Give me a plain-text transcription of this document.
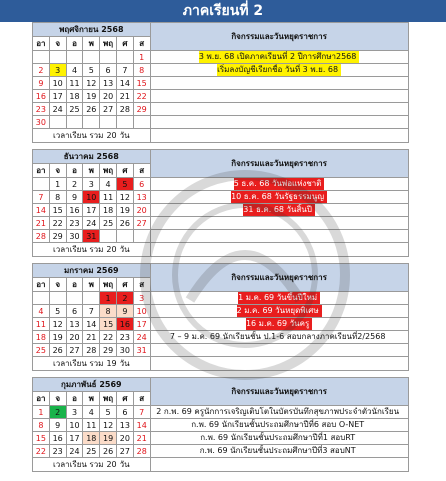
ภาคเรียนที่ 2
พฤศจิกายน 2568							กิจกรรมและวันหยุดราชการ
อา	จ	อ	พ	พฤ	ศ	ส	
						1	3 พ.ย. 68 เปิดภาคเรียนที่ 2 ปีการศึกษา2568
2	3	4	5	6	7	8	เริ่มลงบัญชีเรียกชื่อ วันที่ 3 พ.ย. 68
9	10	11	12	13	14	15	
16	17	18	19	20	21	22	
23	24	25	26	27	28	29	
30							
เวลาเรียน รวม 20 วัน							
ธันวาคม 2568							กิจกรรมและวันหยุดราชการ
อา	จ	อ	พ	พฤ	ศ	ส	
	1	2	3	4	5	6	5 ธ.ค. 68 วันพ่อแห่งชาติ
7	8	9	10	11	12	13	10 ธ.ค. 68 วันรัฐธรรมนูญ
14	15	16	17	18	19	20	31 ธ.ค. 68 วันสิ้นปี
21	22	23	24	25	26	27	
28	29	30	31				
เวลาเรียน รวม 20 วัน							
มกราคม 2569							กิจกรรมและวันหยุดราชการ
อา	จ	อ	พ	พฤ	ศ	ส	
				1	2	3	1 ม.ค. 69 วันขึ้นปีใหม่
4	5	6	7	8	9	10	2 ม.ค. 69 วันหยุดพิเศษ
11	12	13	14	15	16	17	16 ม.ค. 69 วันครู
18	19	20	21	22	23	24	7 – 9 ม.ค. 69 นักเรียนชั้น ป.1-6 สอบกลางภาคเรียนที่2/2568
25	26	27	28	29	30	31	
เวลาเรียน รวม 19 วัน							
กุมภาพันธ์ 2569							กิจกรรมและวันหยุดราชการ
อา	จ	อ	พ	พฤ	ศ	ส	
1	2	3	4	5	6	7	2 ก.พ. 69 ครูนักการเจริญเติบโตในบัตรบันทึกสุขภาพประจำตัวนักเรียน
8	9	10	11	12	13	14	ก.พ. 69 นักเรียนชั้นประถมศึกษาปีที่6 สอบ O-NET
15	16	17	18	19	20	21	ก.พ. 69 นักเรียนชั้นประถมศึกษาปีที่1 สอบRT
22	23	24	25	26	27	28	ก.พ. 69 นักเรียนชั้นประถมศึกษาปีที่3 สอบNT
เวลาเรียน รวม 20 วัน							
